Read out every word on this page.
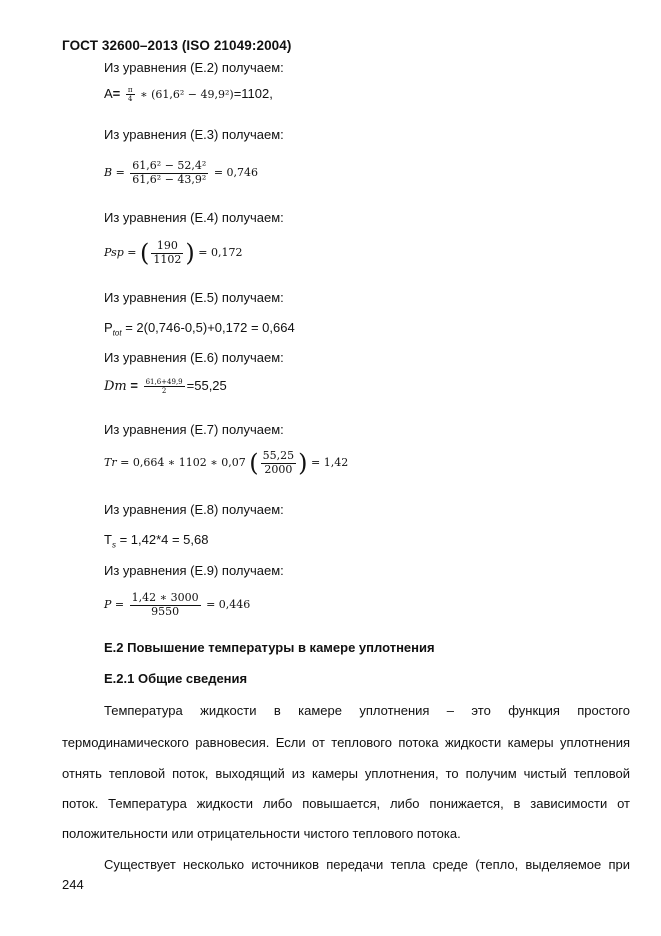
ГОСТ 32600–2013 (ISO 21049:2004)
Из уравнения (Е.2) получаем:
$A= \frac{\pi}{4}$ ∗ (61,6² − 49,9²)=1102,
Из уравнения (Е.3) получаем:
$B = \frac{\text{61,6² − 52,4²}}{\text{61,6² − 43,9²}} = 0,746$
Из уравнения (Е.4) получаем:
Psp = ( $\frac{190}{1102}$ ) = 0,172
Из уравнения (Е.5) получаем:
$P_{tot} = 2(0,746-0,5)+0,172 = 0,664$
Из уравнения (Е.6) получаем:
$Dm = \frac{61,6+49,9}{2} =55,25$
Из уравнения (Е.7) получаем:
Tr = 0,664 ∗ 1102 ∗ 0,07 ( $\frac{55,25}{2000}$ ) = 1,42
Из уравнения (Е.8) получаем:
$T_s = 1,42*4 = 5,68$
Из уравнения (Е.9) получаем:
$P = \frac{1,42 ∗ 3000}{9550} = 0,446$
Е.2 Повышение температуры в камере уплотнения
Е.2.1 Общие сведения
Температура жидкости в камере уплотнения – это функция простого
термодинамического равновесия. Если от теплового потока жидкости камеры уплотнения
отнять тепловой поток, выходящий из камеры уплотнения, то получим чистый тепловой
поток. Температура жидкости либо повышается, либо понижается, в зависимости от
положительности или отрицательности чистого теплового потока.
Существует несколько источников передачи тепла среде (тепло, выделяемое при
244
